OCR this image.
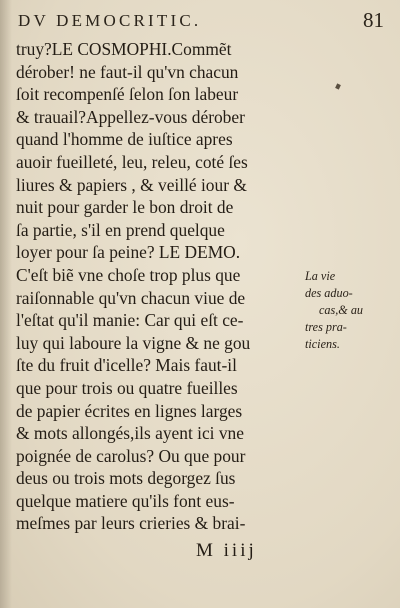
DV DEMOCRITIC.	81
truy?LE COSMOPHI.Commẽt
dérober! ne faut-il qu'vn chacun
ſoit recompenſé ſelon ſon labeur
& trauail?Appellez-vous dérober
quand l'homme de iuſtice apres
auoir fueilleté, leu, releu, coté ſes
liures & papiers , & veillé iour &
nuit pour garder le bon droit de
ſa partie, s'il en prend quelque
loyer pour ſa peine? LE DEMO.
C'eſt biẽ vne choſe trop plus que
raiſonnable qu'vn chacun viue de
l'eſtat qu'il manie: Car qui eſt ce-
luy qui laboure la vigne & ne gou
ſte du fruit d'icelle? Mais faut-il
que pour trois ou quatre fueilles
de papier écrites en lignes larges
& mots allongés,ils ayent ici vne
poignée de carolus? Ou que pour
deus ou trois mots degorgez ſus
quelque matiere qu'ils font eus-
meſmes par leurs crieries & brai-
La vie
des aduo-
cas,& au
tres pra-
ticiens.
M iiij
